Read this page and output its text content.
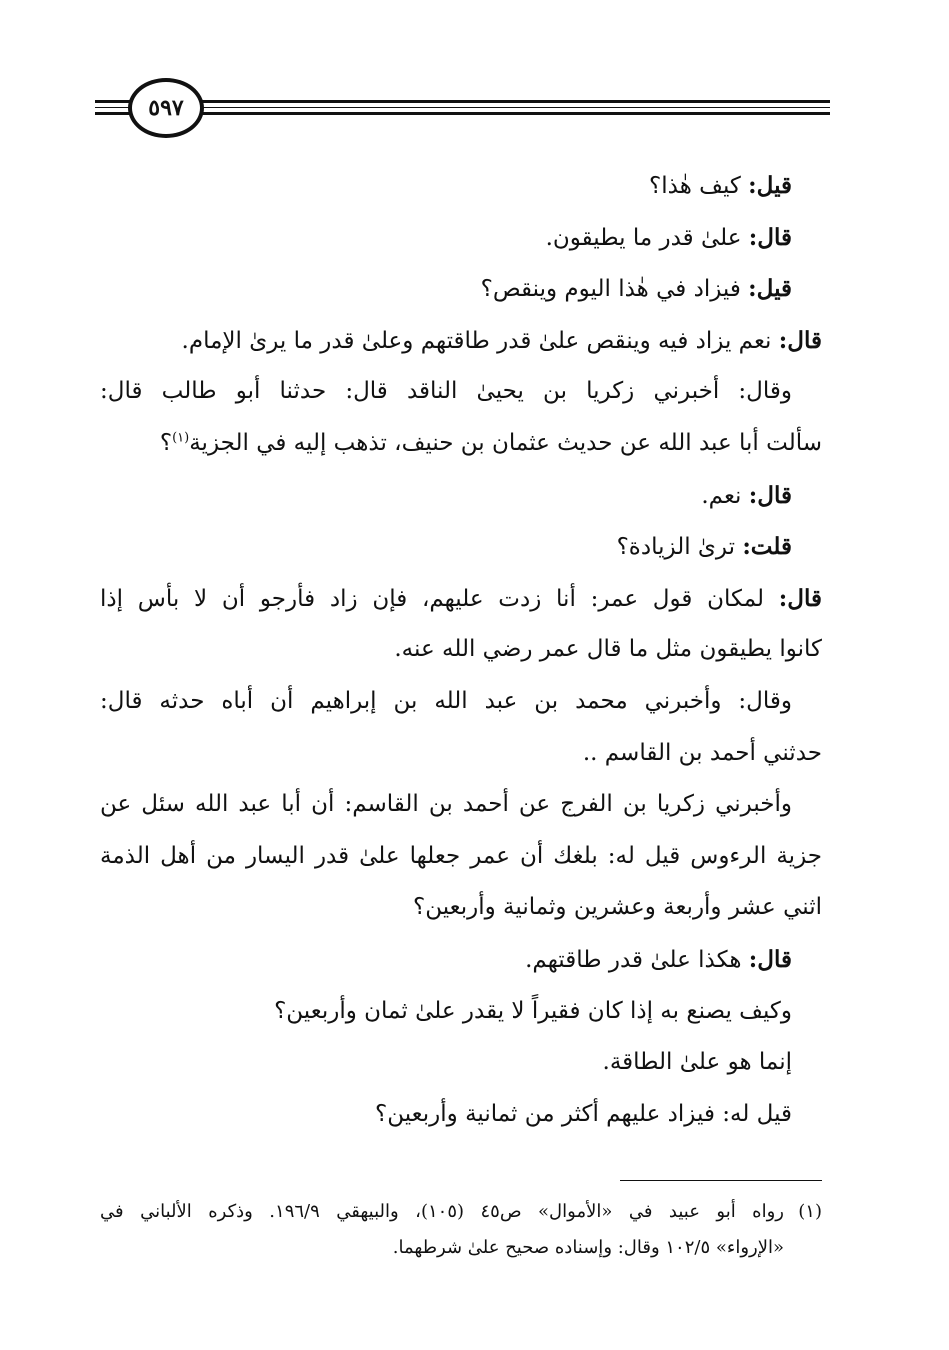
٥٩٧
قيل: كيف هٰذا؟
قال: علىٰ قدر ما يطيقون.
قيل: فيزاد في هٰذا اليوم وينقص؟
قال: نعم يزاد فيه وينقص علىٰ قدر طاقتهم وعلىٰ قدر ما يرىٰ الإمام.
وقال: أخبرني زكريا بن يحيىٰ الناقد قال: حدثنا أبو طالب قال:
سألت أبا عبد الله عن حديث عثمان بن حنيف، تذهب إليه في الجزية$^{(١)}$؟
قال: نعم.
قلت: ترىٰ الزيادة؟
قال: لمكان قول عمر: أنا زدت عليهم، فإن زاد فأرجو أن لا بأس إذا
كانوا يطيقون مثل ما قال عمر رضي الله عنه.
وقال: وأخبرني محمد بن عبد الله بن إبراهيم أن أباه حدثه قال:
حدثني أحمد بن القاسم ..
وأخبرني زكريا بن الفرج عن أحمد بن القاسم: أن أبا عبد الله سئل عن
جزية الرءوس قيل له: بلغك أن عمر جعلها علىٰ قدر اليسار من أهل الذمة
اثني عشر وأربعة وعشرين وثمانية وأربعين؟
قال: هكذا علىٰ قدر طاقتهم.
وكيف يصنع به إذا كان فقيراً لا يقدر علىٰ ثمان وأربعين؟
إنما هو علىٰ الطاقة.
قيل له: فيزاد عليهم أكثر من ثمانية وأربعين؟
(١)رواه أبو عبيد في «الأموال» ص٤٥ (١٠٥)، والبيهقي ١٩٦/٩. وذكره الألباني في
«الإرواء» ١٠٢/٥ وقال: وإسناده صحيح علىٰ شرطهما.
